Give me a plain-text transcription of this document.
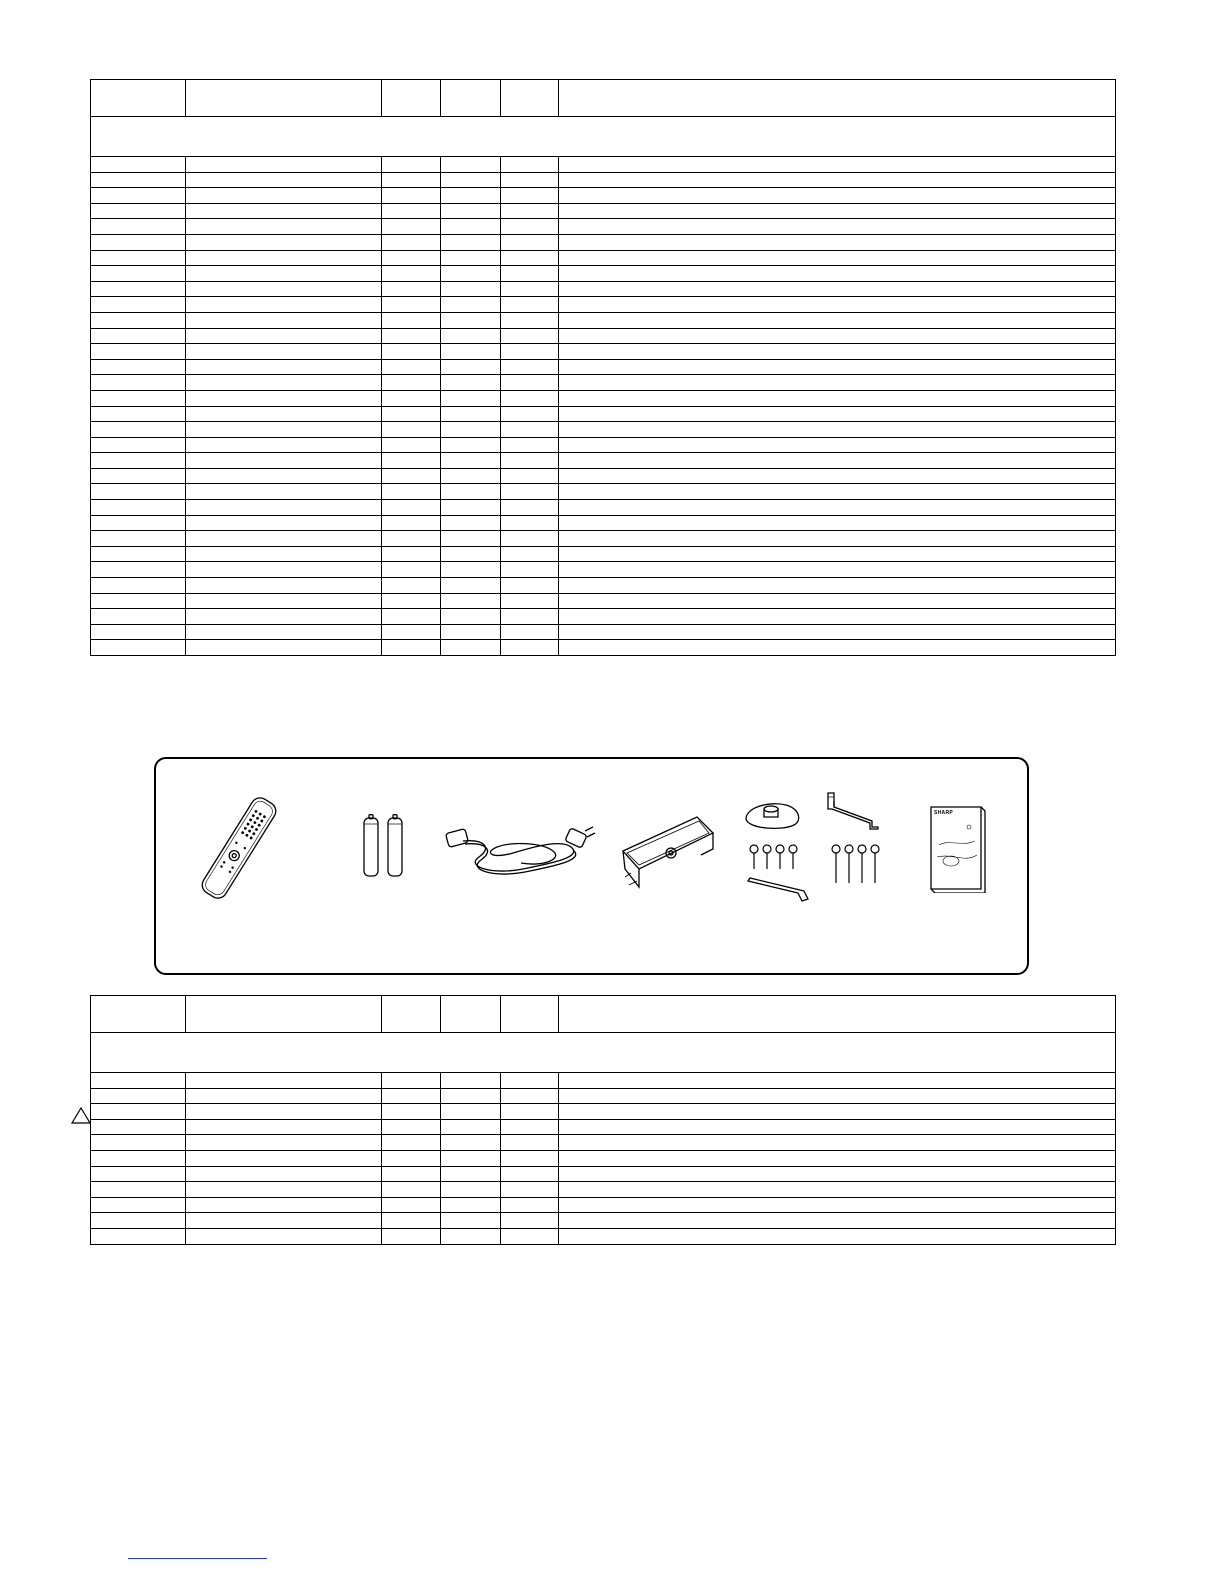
SHARP
